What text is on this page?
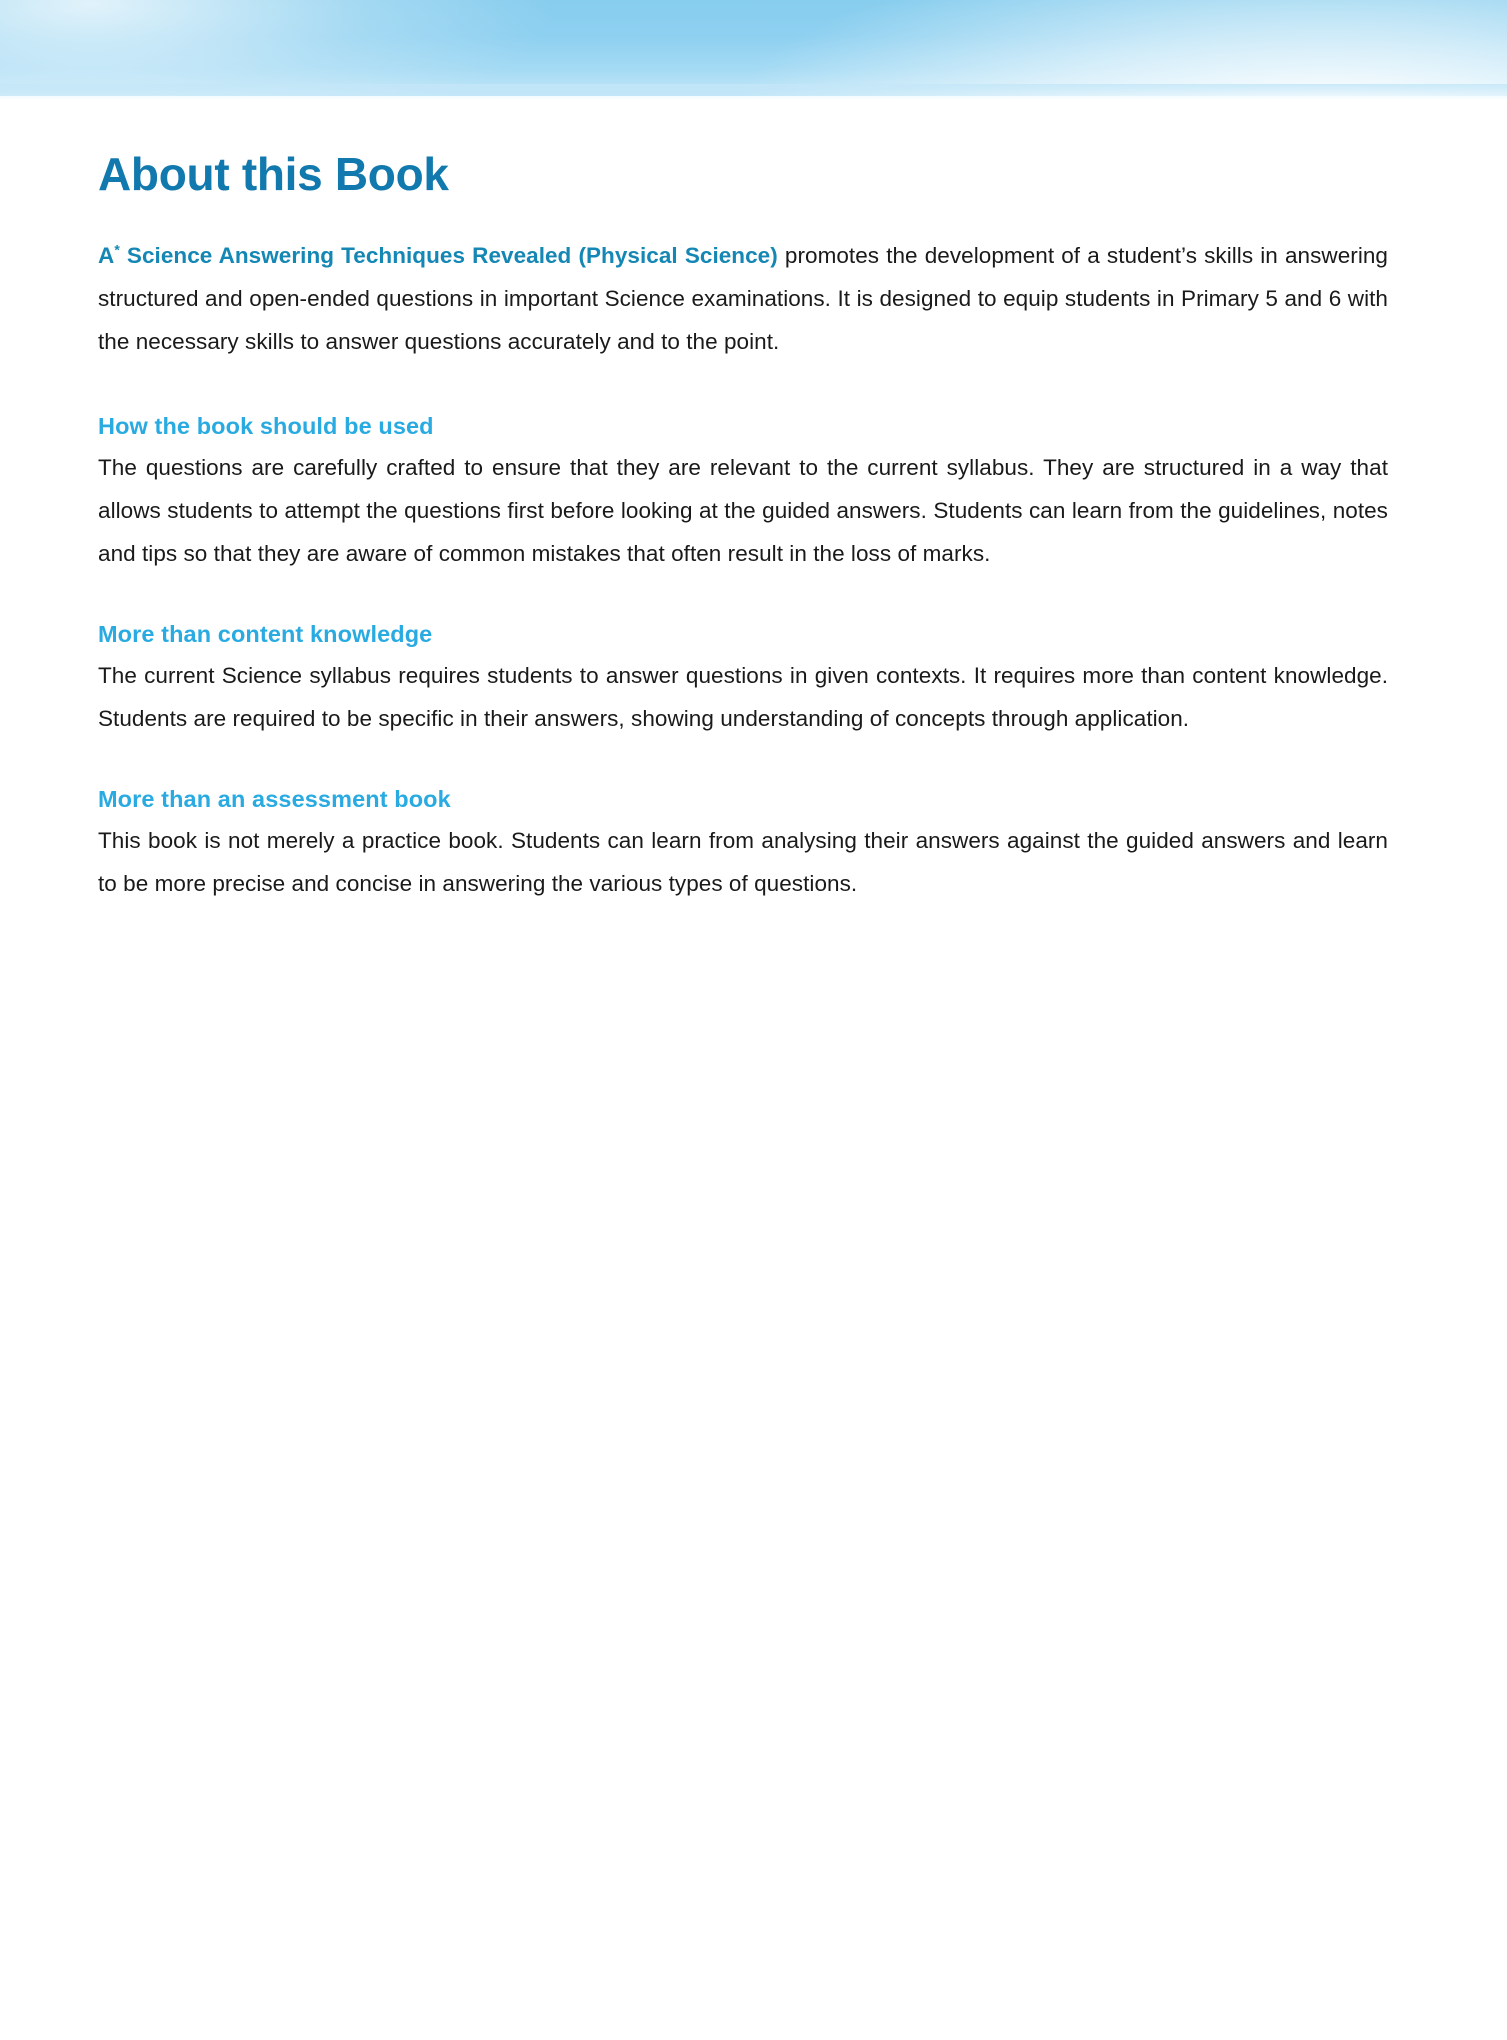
About this Book

A* Science Answering Techniques Revealed (Physical Science) promotes the development of a student’s skills in answering structured and open-ended questions in important Science examinations. It is designed to equip students in Primary 5 and 6 with the necessary skills to answer questions accurately and to the point.

How the book should be used

The questions are carefully crafted to ensure that they are relevant to the current syllabus. They are structured in a way that allows students to attempt the questions first before looking at the guided answers. Students can learn from the guidelines, notes and tips so that they are aware of common mistakes that often result in the loss of marks.

More than content knowledge

The current Science syllabus requires students to answer questions in given contexts. It requires more than content knowledge. Students are required to be specific in their answers, showing understanding of concepts through application.

More than an assessment book

This book is not merely a practice book. Students can learn from analysing their answers against the guided answers and learn to be more precise and concise in answering the various types of questions.
